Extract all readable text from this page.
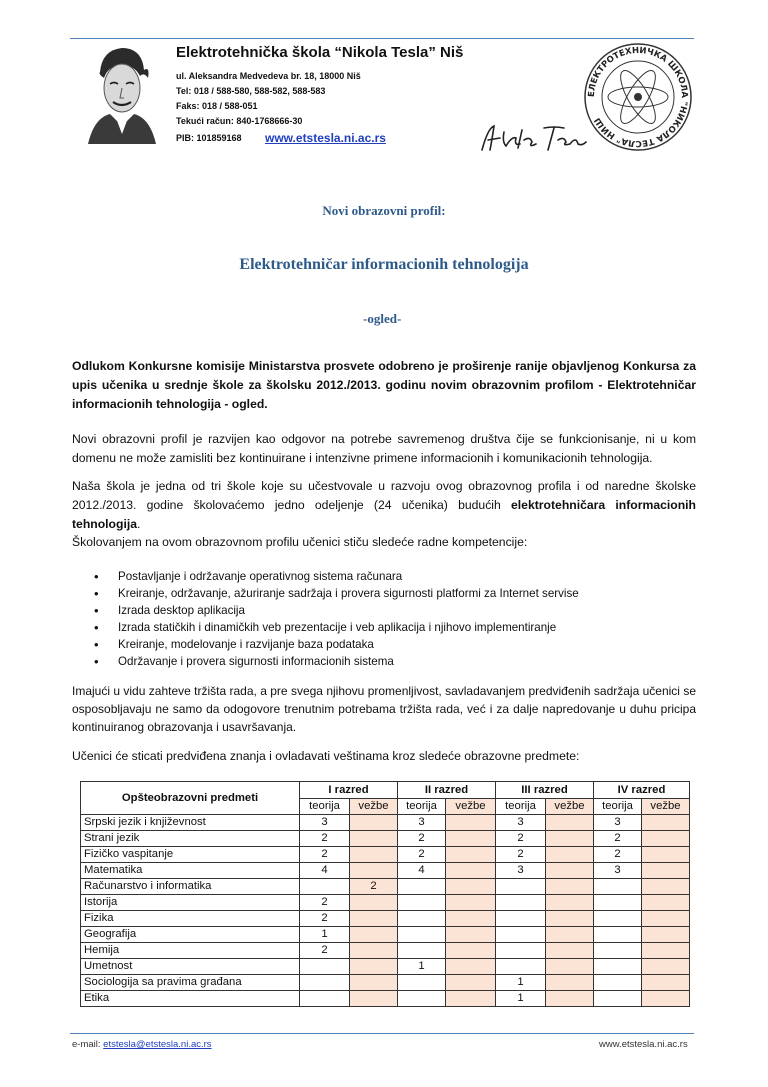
Elektrotehnička škola “Nikola Tesla” Niš
ul. Aleksandra Medvedeva br. 18, 18000 Niš
Tel: 018 / 588-580, 588-582, 588-583
Faks: 018 / 588-051
Tekući račun: 840-1768666-30
PIB: 101859168 www.etstesla.ni.ac.rs
ЕЛЕКТРОТЕХНИЧКА ШКОЛА "НИКОЛА ТЕСЛА" НИШ
Novi obrazovni profil:
Elektrotehničar informacionih tehnologija
-ogled-
Odlukom Konkursne komisije Ministarstva prosvete odobreno je proširenje ranije objavljenog Konkursa za upis učenika u srednje škole za školsku 2012./2013. godinu novim obrazovnim profilom - Elektrotehničar informacionih tehnologija - ogled.
Novi obrazovni profil je razvijen kao odgovor na potrebe savremenog društva čije se funkcionisanje, ni u kom domenu ne može zamisliti bez kontinuirane i intenzivne primene informacionih i komunikacionih tehnologija.
Naša škola je jedna od tri škole koje su učestvovale u razvoju ovog obrazovnog profila i od naredne školske 2012./2013. godine školovaćemo jedno odeljenje (24 učenika) budućih elektrotehničara informacionih tehnologija.
Školovanjem na ovom obrazovnom profilu učenici stiču sledeće radne kompetencije:
• Postavljanje i održavanje operativnog sistema računara
• Kreiranje, održavanje, ažuriranje sadržaja i provera sigurnosti platformi za Internet servise
• Izrada desktop aplikacija
• Izrada statičkih i dinamičkih veb prezentacije i veb aplikacija i njihovo implementiranje
• Kreiranje, modelovanje i razvijanje baza podataka
• Održavanje i provera sigurnosti informacionih sistema
Imajući u vidu zahteve tržišta rada, a pre svega njihovu promenljivost, savladavanjem predviđenih sadržaja učenici se osposobljavaju ne samo da odogovore trenutnim potrebama tržišta rada, već i za dalje napredovanje u duhu pricipa kontinuiranog obrazovanja i usavršavanja.
Učenici će sticati predviđena znanja i ovladavati veštinama kroz sledeće obrazovne predmete:
Opšteobrazovni predmeti	I razred		II razred		III razred		IV razred	
	teorija	vežbe	teorija	vežbe	teorija	vežbe	teorija	vežbe
Srpski jezik i književnost	3		3		3		3	
Strani jezik	2		2		2		2	
Fizičko vaspitanje	2		2		2		2	
Matematika	4		4		3		3	
Računarstvo i informatika		2						
Istorija	2							
Fizika	2							
Geografija	1							
Hemija	2							
Umetnost			1					
Sociologija sa pravima građana					1			
Etika					1			
e-mail: etstesla@etstesla.ni.ac.rs	www.etstesla.ni.ac.rs
